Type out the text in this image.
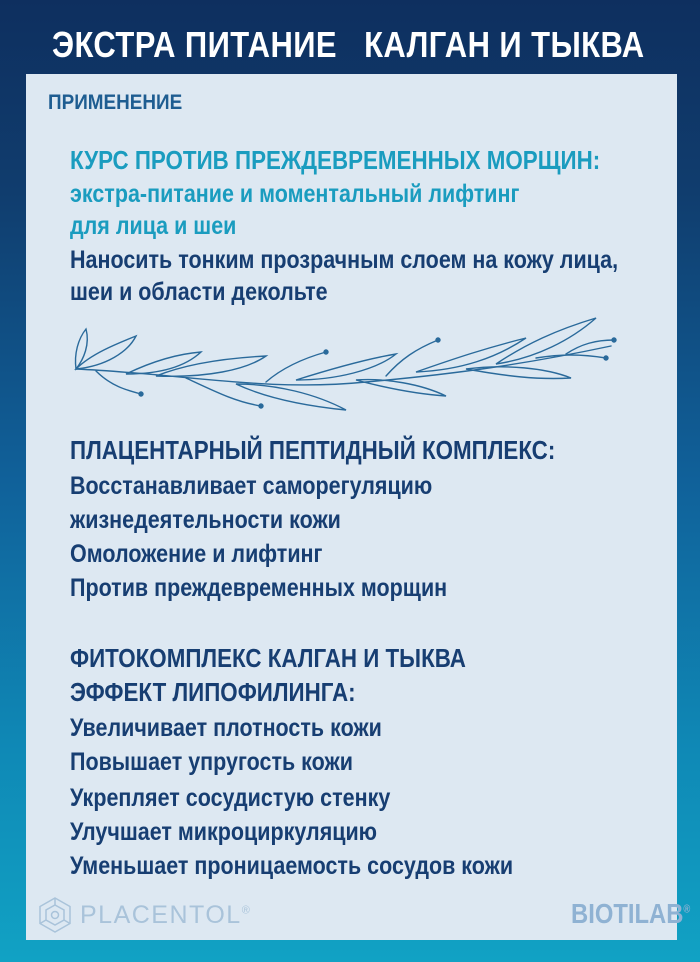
ЭКСТРА ПИТАНИЕ   КАЛГАН И ТЫКВА
ПРИМЕНЕНИЕ
КУРС ПРОТИВ ПРЕЖДЕВРЕМЕННЫХ МОРЩИН:
экстра-питание и моментальный лифтинг
для лица и шеи
Наносить тонким прозрачным слоем на кожу лица,
шеи и области декольте
ПЛАЦЕНТАРНЫЙ ПЕПТИДНЫЙ КОМПЛЕКС:
Восстанавливает саморегуляцию
жизнедеятельности кожи
Омоложение и лифтинг
Против преждевременных морщин
ФИТОКОМПЛЕКС КАЛГАН И ТЫКВА
ЭФФЕКТ ЛИПОФИЛИНГА:
Увеличивает плотность кожи
Повышает упругость кожи
Укрепляет сосудистую стенку
Улучшает микроциркуляцию
Уменьшает проницаемость сосудов кожи
PLACENTOL®	BIOTILAB®
